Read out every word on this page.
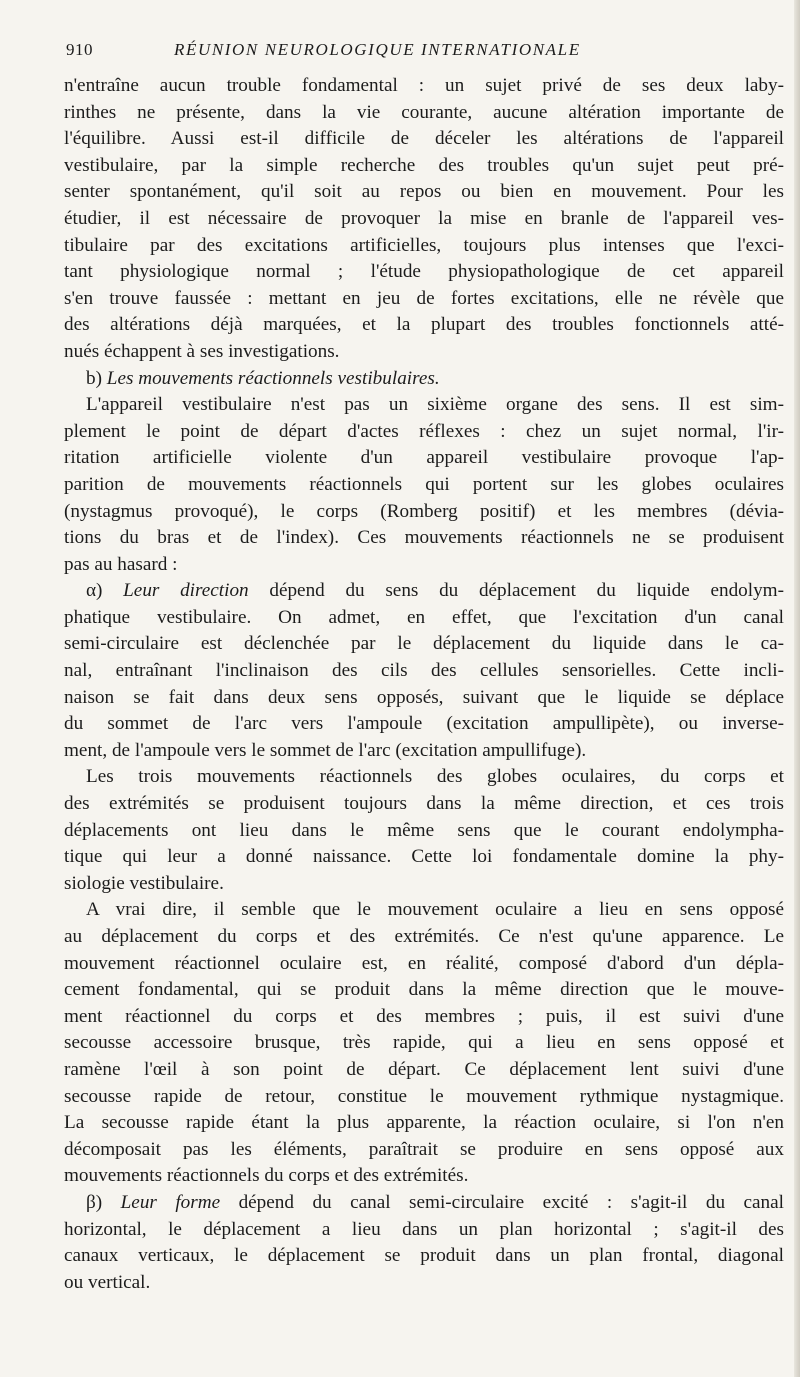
910	RÉUNION NEUROLOGIQUE INTERNATIONALE
n'entraîne aucun trouble fondamental : un sujet privé de ses deux laby-
rinthes ne présente, dans la vie courante, aucune altération importante de
l'équilibre. Aussi est-il difficile de déceler les altérations de l'appareil
vestibulaire, par la simple recherche des troubles qu'un sujet peut pré-
senter spontanément, qu'il soit au repos ou bien en mouvement. Pour les
étudier, il est nécessaire de provoquer la mise en branle de l'appareil ves-
tibulaire par des excitations artificielles, toujours plus intenses que l'exci-
tant physiologique normal ; l'étude physiopathologique de cet appareil
s'en trouve faussée : mettant en jeu de fortes excitations, elle ne révèle que
des altérations déjà marquées, et la plupart des troubles fonctionnels atté-
nués échappent à ses investigations.
b) Les mouvements réactionnels vestibulaires.
L'appareil vestibulaire n'est pas un sixième organe des sens. Il est sim-
plement le point de départ d'actes réflexes : chez un sujet normal, l'ir-
ritation artificielle violente d'un appareil vestibulaire provoque l'ap-
parition de mouvements réactionnels qui portent sur les globes oculaires
(nystagmus provoqué), le corps (Romberg positif) et les membres (dévia-
tions du bras et de l'index). Ces mouvements réactionnels ne se produisent
pas au hasard :
α) Leur direction dépend du sens du déplacement du liquide endolym-
phatique vestibulaire. On admet, en effet, que l'excitation d'un canal
semi-circulaire est déclenchée par le déplacement du liquide dans le ca-
nal, entraînant l'inclinaison des cils des cellules sensorielles. Cette incli-
naison se fait dans deux sens opposés, suivant que le liquide se déplace
du sommet de l'arc vers l'ampoule (excitation ampullipète), ou inverse-
ment, de l'ampoule vers le sommet de l'arc (excitation ampullifuge).
Les trois mouvements réactionnels des globes oculaires, du corps et
des extrémités se produisent toujours dans la même direction, et ces trois
déplacements ont lieu dans le même sens que le courant endolympha-
tique qui leur a donné naissance. Cette loi fondamentale domine la phy-
siologie vestibulaire.
A vrai dire, il semble que le mouvement oculaire a lieu en sens opposé
au déplacement du corps et des extrémités. Ce n'est qu'une apparence. Le
mouvement réactionnel oculaire est, en réalité, composé d'abord d'un dépla-
cement fondamental, qui se produit dans la même direction que le mouve-
ment réactionnel du corps et des membres ; puis, il est suivi d'une
secousse accessoire brusque, très rapide, qui a lieu en sens opposé et
ramène l'œil à son point de départ. Ce déplacement lent suivi d'une
secousse rapide de retour, constitue le mouvement rythmique nystagmique.
La secousse rapide étant la plus apparente, la réaction oculaire, si l'on n'en
décomposait pas les éléments, paraîtrait se produire en sens opposé aux
mouvements réactionnels du corps et des extrémités.
β) Leur forme dépend du canal semi-circulaire excité : s'agit-il du canal
horizontal, le déplacement a lieu dans un plan horizontal ; s'agit-il des
canaux verticaux, le déplacement se produit dans un plan frontal, diagonal
ou vertical.
